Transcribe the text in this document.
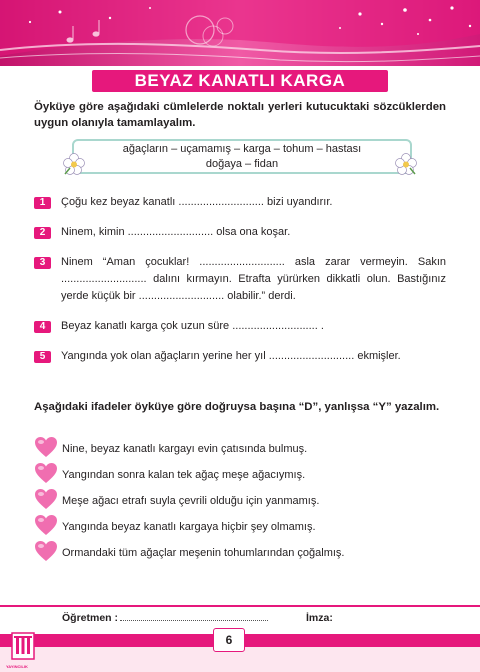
BEYAZ KANATLI KARGA
Öyküye göre aşağıdaki cümlelerde noktalı yerleri kutucuktaki sözcüklerden uygun olanıyla tamamlayalım.
ağaçların – uçamamış – karga – tohum – hastası
doğaya – fidan
1	Çoğu kez beyaz kanatlı ............................ bizi uyandırır.
2	Ninem, kimin ............................ olsa ona koşar.
3	Ninem “Aman çocuklar! ............................ asla zarar vermeyin. Sakın ............................ dalını kırmayın. Etrafta yürürken dikkatli olun. Bastığınız yerde küçük bir ............................ olabilir.” derdi.
4	Beyaz kanatlı karga çok uzun süre ............................ .
5	Yangında yok olan ağaçların yerine her yıl ............................ ekmişler.
Aşağıdaki ifadeler öyküye göre doğruysa başına “D”, yanlışsa “Y” yazalım.
Nine, beyaz kanatlı kargayı evin çatısında bulmuş.
Yangından sonra kalan tek ağaç meşe ağacıymış.
Meşe ağacı etrafı suyla çevrili olduğu için yanmamış.
Yangında beyaz kanatlı kargaya hiçbir şey olmamış.
Ormandaki tüm ağaçlar meşenin tohumlarından çoğalmış.
Öğretmen :	İmza:
6
YAYINCILIK
